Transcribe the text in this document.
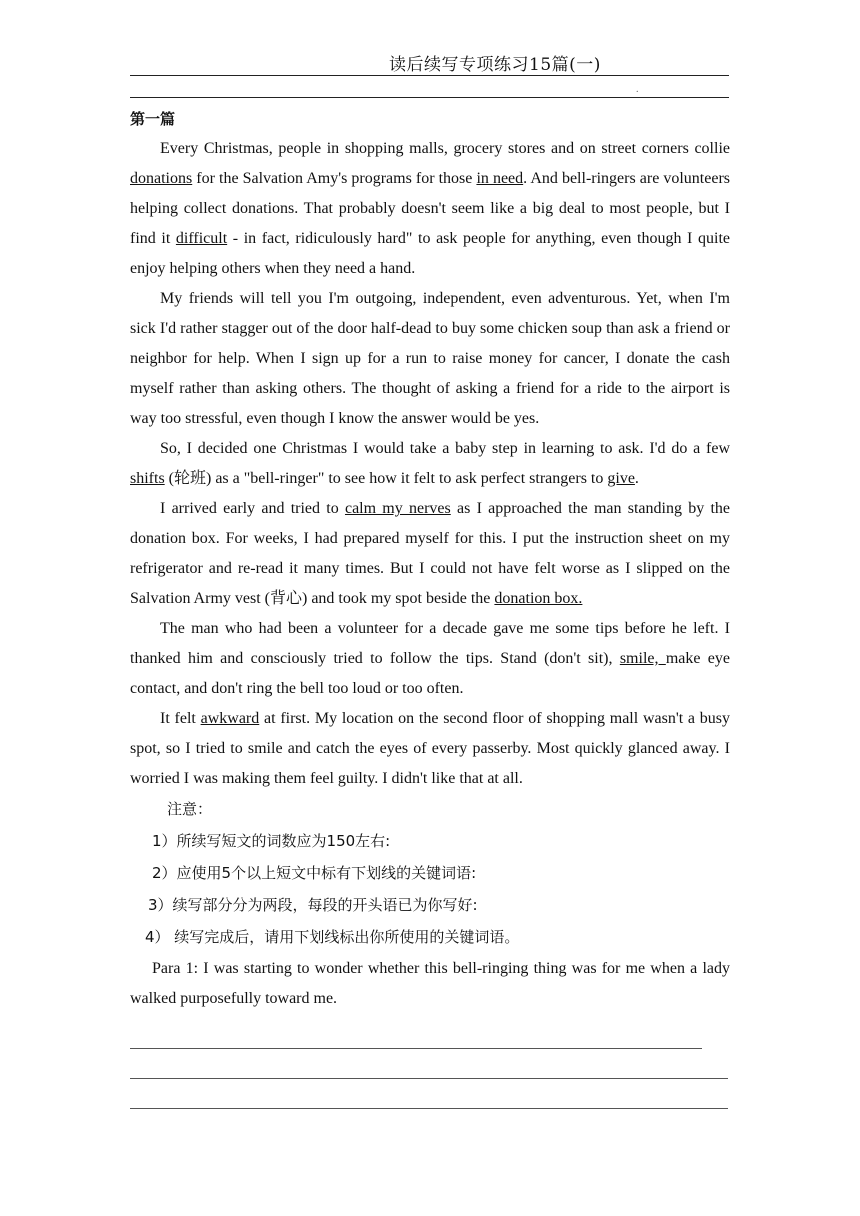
读后续写专项练习15篇(一)
.
第一篇

Every Christmas, people in shopping malls, grocery stores and on street corners collie donations for the Salvation Amy's programs for those in need. And bell-ringers are volunteers helping collect donations. That probably doesn't seem like a big deal to most people, but I find it difficult - in fact, ridiculously hard" to ask people for anything, even though I quite enjoy helping others when they need a hand.

My friends will tell you I'm outgoing, independent, even adventurous. Yet, when I'm sick I'd rather stagger out of the door half-dead to buy some chicken soup than ask a friend or neighbor for help. When I sign up for a run to raise money for cancer, I donate the cash myself rather than asking others. The thought of asking a friend for a ride to the airport is way too stressful, even though I know the answer would be yes.

So, I decided one Christmas I would take a baby step in learning to ask. I'd do a few shifts (轮班) as a "bell-ringer" to see how it felt to ask perfect strangers to give.

I arrived early and tried to calm my nerves as I approached the man standing by the donation box. For weeks, I had prepared myself for this. I put the instruction sheet on my refrigerator and re-read it many times. But I could not have felt worse as I slipped on the Salvation Army vest (背心) and took my spot beside the donation box.

The man who had been a volunteer for a decade gave me some tips before he left. I thanked him and consciously tried to follow the tips. Stand (don't sit), smile, make eye contact, and don't ring the bell too loud or too often.

It felt awkward at first. My location on the second floor of shopping mall wasn't a busy spot, so I tried to smile and catch the eyes of every passerby. Most quickly glanced away. I worried I was making them feel guilty. I didn't like that at all.

注意：
1）所续写短文的词数应为150左右:
2）应使用5个以上短文中标有下划线的关键词语:
3）续写部分分为两段，每段的开头语已为你写好:
4） 续写完成后，请用下划线标出你所使用的关键词语。

Para 1: I was starting to wonder whether this bell-ringing thing was for me when a lady walked purposefully toward me.
